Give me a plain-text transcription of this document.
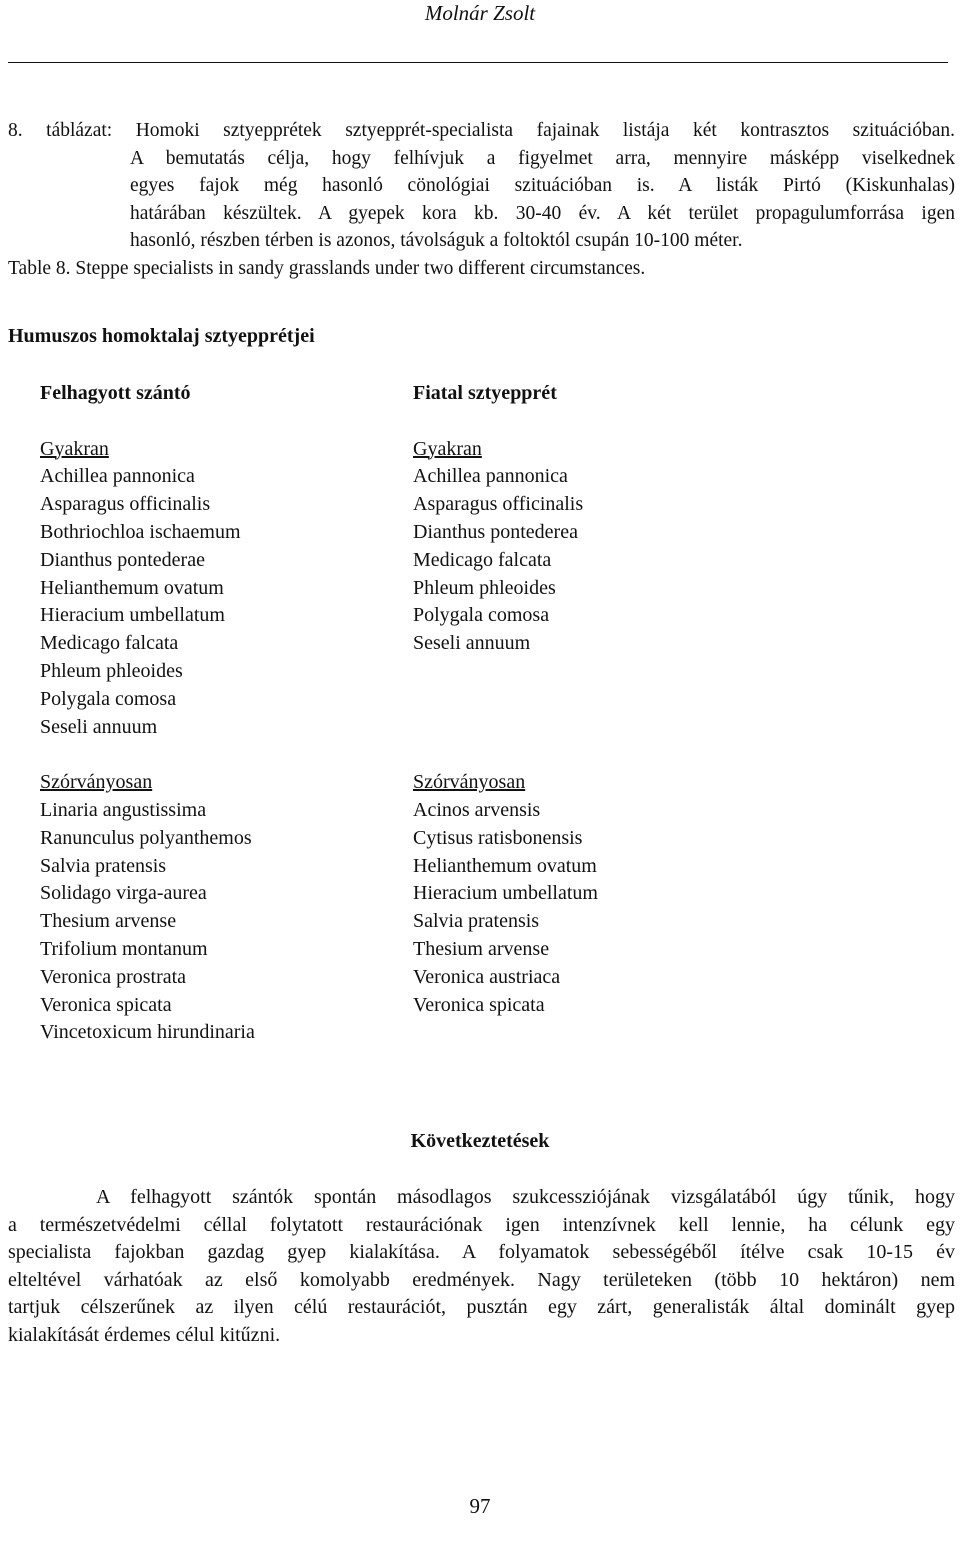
Molnár Zsolt
8. táblázat: Homoki sztyepprétek sztyepprét-specialista fajainak listája két kontrasztos szituációban.
A bemutatás célja, hogy felhívjuk a figyelmet arra, mennyire másképp viselkednek
egyes fajok még hasonló cönológiai szituációban is. A listák Pirtó (Kiskunhalas)
határában készültek. A gyepek kora kb. 30-40 év. A két terület propagulumforrása igen
hasonló, részben térben is azonos, távolságuk a foltoktól csupán 10-100 méter.
Table 8. Steppe specialists in sandy grasslands under two different circumstances.
Humuszos homoktalaj sztyepprétjei
Felhagyott szántó
Gyakran
Achillea pannonica
Asparagus officinalis
Bothriochloa ischaemum
Dianthus pontederae
Helianthemum ovatum
Hieracium umbellatum
Medicago falcata
Phleum phleoides
Polygala comosa
Seseli annuum
Szórványosan
Linaria angustissima
Ranunculus polyanthemos
Salvia pratensis
Solidago virga-aurea
Thesium arvense
Trifolium montanum
Veronica prostrata
Veronica spicata
Vincetoxicum hirundinaria
Fiatal sztyepprét
Gyakran
Achillea pannonica
Asparagus officinalis
Dianthus pontederea
Medicago falcata
Phleum phleoides
Polygala comosa
Seseli annuum
Szórványosan
Acinos arvensis
Cytisus ratisbonensis
Helianthemum ovatum
Hieracium umbellatum
Salvia pratensis
Thesium arvense
Veronica austriaca
Veronica spicata
Következtetések
A felhagyott szántók spontán másodlagos szukcessziójának vizsgálatából úgy tűnik, hogy
a természetvédelmi céllal folytatott restaurációnak igen intenzívnek kell lennie, ha célunk egy
specialista fajokban gazdag gyep kialakítása. A folyamatok sebességéből ítélve csak 10-15 év
elteltével várhatóak az első komolyabb eredmények. Nagy területeken (több 10 hektáron) nem
tartjuk célszerűnek az ilyen célú restaurációt, pusztán egy zárt, generalisták által dominált gyep
kialakítását érdemes célul kitűzni.
97
